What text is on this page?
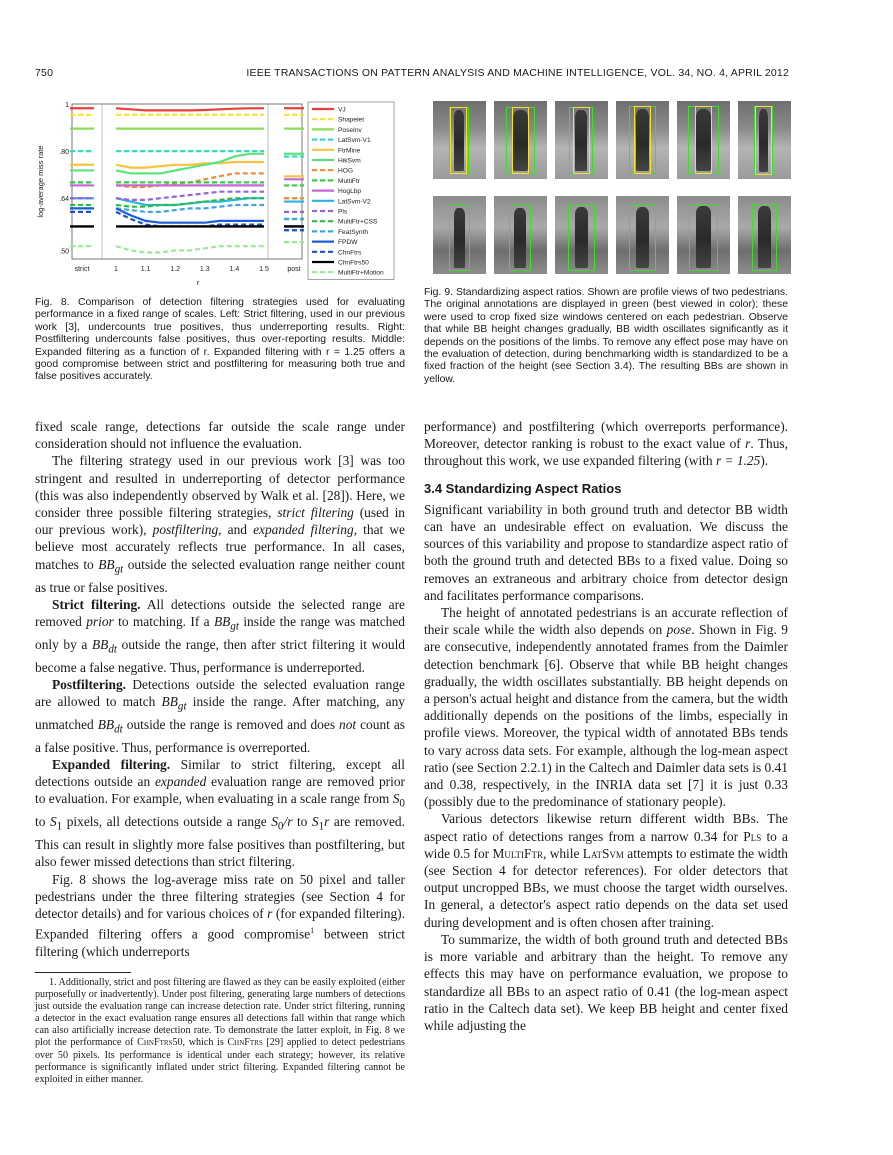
750	IEEE TRANSACTIONS ON PATTERN ANALYSIS AND MACHINE INTELLIGENCE, VOL. 34, NO. 4, APRIL 2012
1
.80
.64
.50
strict	1	1.1	1.2	1.3	1.4	1.5	post
r
log-average miss rate
VJ
Shapelet
PoseInv
LatSvm-V1
FtrMine
HikSvm
HOG
MultiFtr
HogLbp
LatSvm-V2
Pls
MultiFtr+CSS
FeatSynth
FPDW
ChnFtrs
ChnFtrs50
MultiFtr+Motion
Fig. 8. Comparison of detection filtering strategies used for evaluating performance in a fixed range of scales. Left: Strict filtering, used in our previous work [3], undercounts true positives, thus underreporting results. Right: Postfiltering undercounts false positives, thus over-reporting results. Middle: Expanded filtering as a function of r. Expanded filtering with r = 1.25 offers a good compromise between strict and postfiltering for measuring both true and false positives accurately.
Fig. 9. Standardizing aspect ratios. Shown are profile views of two pedestrians. The original annotations are displayed in green (best viewed in color); these were used to crop fixed size windows centered on each pedestrian. Observe that while BB height changes gradually, BB width oscillates significantly as it depends on the positions of the limbs. To remove any effect pose may have on the evaluation of detection, during benchmarking width is standardized to be a fixed fraction of the height (see Section 3.4). The resulting BBs are shown in yellow.

fixed scale range, detections far outside the scale range under consideration should not influence the evaluation.

The filtering strategy used in our previous work [3] was too stringent and resulted in underreporting of detector performance (this was also independently observed by Walk et al. [28]). Here, we consider three possible filtering strategies, strict filtering (used in our previous work), postfiltering, and expanded filtering, that we believe most accurately reflects true performance. In all cases, matches to $BB_{gt}$ outside the selected evaluation range neither count as true or false positives.

Strict filtering. All detections outside the selected range are removed prior to matching. If a $BB_{gt}$ inside the range was matched only by a $BB_{dt}$ outside the range, then after strict filtering it would become a false negative. Thus, performance is underreported.

Postfiltering. Detections outside the selected evaluation range are allowed to match $BB_{gt}$ inside the range. After matching, any unmatched $BB_{dt}$ outside the range is removed and does not count as a false positive. Thus, performance is overreported.

Expanded filtering. Similar to strict filtering, except all detections outside an expanded evaluation range are removed prior to evaluation. For example, when evaluating in a scale range from $S_0$ to $S_1$ pixels, all detections outside a range $S_0/r$ to $S_1r$ are removed. This can result in slightly more false positives than postfiltering, but also fewer missed detections than strict filtering.

Fig. 8 shows the log-average miss rate on 50 pixel and taller pedestrians under the three filtering strategies (see Section 4 for detector details) and for various choices of r (for expanded filtering). Expanded filtering offers a good compromise$^1$ between strict filtering (which underreports

1. Additionally, strict and post filtering are flawed as they can be easily exploited (either purposefully or inadvertently). Under post filtering, generating large numbers of detections just outside the evaluation range can increase detection rate. Under strict filtering, running a detector in the exact evaluation range ensures all detections fall within that range which can also artificially increase detection rate. To demonstrate the latter exploit, in Fig. 8 we plot the performance of ChnFtrs50, which is ChnFtrs [29] applied to detect pedestrians over 50 pixels. Its performance is identical under each strategy; however, its relative performance is significantly inflated under strict filtering. Expanded filtering cannot be exploited in either manner.

performance) and postfiltering (which overreports performance). Moreover, detector ranking is robust to the exact value of r. Thus, throughout this work, we use expanded filtering (with r = 1.25).

3.4 Standardizing Aspect Ratios

Significant variability in both ground truth and detector BB width can have an undesirable effect on evaluation. We discuss the sources of this variability and propose to standardize aspect ratio of both the ground truth and detected BBs to a fixed value. Doing so removes an extraneous and arbitrary choice from detector design and facilitates performance comparisons.

The height of annotated pedestrians is an accurate reflection of their scale while the width also depends on pose. Shown in Fig. 9 are consecutive, independently annotated frames from the Daimler detection benchmark [6]. Observe that while BB height changes gradually, the width oscillates substantially. BB height depends on a person's actual height and distance from the camera, but the width additionally depends on the positions of the limbs, especially in profile views. Moreover, the typical width of annotated BBs tends to vary across data sets. For example, although the log-mean aspect ratio (see Section 2.2.1) in the Caltech and Daimler data sets is 0.41 and 0.38, respectively, in the INRIA data set [7] it is just 0.33 (possibly due to the predominance of stationary people).

Various detectors likewise return different width BBs. The aspect ratio of detections ranges from a narrow 0.34 for Pls to a wide 0.5 for MultiFtr, while LatSvm attempts to estimate the width (see Section 4 for detector references). For older detectors that output uncropped BBs, we must choose the target width ourselves. In general, a detector's aspect ratio depends on the data set used during development and is often chosen after training.

To summarize, the width of both ground truth and detected BBs is more variable and arbitrary than the height. To remove any effects this may have on performance evaluation, we propose to standardize all BBs to an aspect ratio of 0.41 (the log-mean aspect ratio in the Caltech data set). We keep BB height and center fixed while adjusting the
